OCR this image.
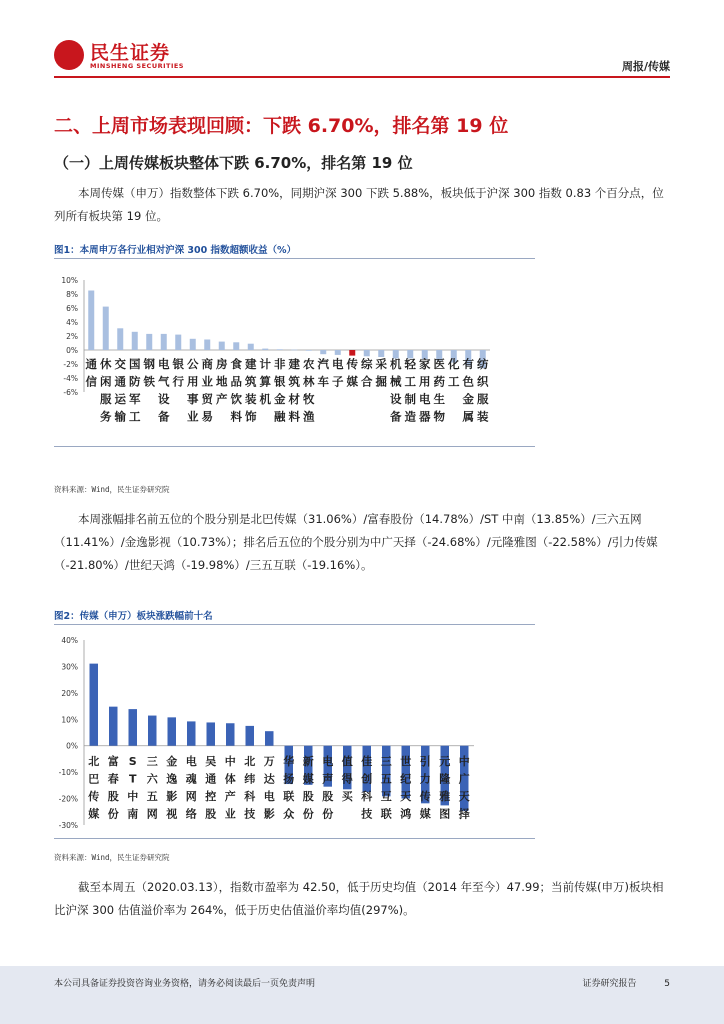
民生证券
MINSHENG SECURITIES	周报/传媒
二、上周市场表现回顾：下跌 6.70%，排名第 19 位
（一）上周传媒板块整体下跌 6.70%，排名第 19 位

本周传媒（申万）指数整体下跌 6.70%，同期沪深 300 下跌 5.88%，板块低于沪深 300 指数 0.83 个百分点，位列所有板块第 19 位。

图1：本周申万各行业相对沪深 300 指数超额收益（%）
10%
8%
6%
4%
2%
0%
-2%
-4%
-6%
通
信
休
闲
服
务
交
通
运
输
国
防
军
工
钢
铁
电
气
设
备
银
行
公
用
事
业
商
业
贸
易
房
地
产
食
品
饮
料
建
筑
装
饰
计
算
机
非
银
金
融
建
筑
材
料
农
林
牧
渔
汽
车
电
子
传
媒
综
合
采
掘
机
械
设
备
轻
工
制
造
家
用
电
器
医
药
生
物
化
工
有
色
金
属
纺
织
服
装
资料来源：Wind，民生证券研究院

本周涨幅排名前五位的个股分别是北巴传媒（31.06%）/富春股份（14.78%）/ST 中南（13.85%）/三六五网（11.41%）/金逸影视（10.73%）；排名后五位的个股分别为中广天择（-24.68%）/元隆雅图（-22.58%）/引力传媒（-21.80%）/世纪天鸿（-19.98%）/三五互联（-19.16%）。

图2：传媒（申万）板块涨跌幅前十名
40%
30%
20%
10%
0%
-10%
-20%
-30%
北
巴
传
媒
富
春
股
份
S
T
中
南
三
六
五
网
金
逸
影
视
电
魂
网
络
吴
通
控
股
中
体
产
业
北
纬
科
技
万
达
电
影
华
扬
联
众
新
媒
股
份
电
声
股
份
值
得
买
佳
创
科
技
三
五
互
联
世
纪
天
鸿
引
力
传
媒
元
隆
雅
图
中
广
天
择
资料来源：Wind，民生证券研究院

截至本周五（2020.03.13），指数市盈率为 42.50，低于历史均值（2014 年至今）47.99；当前传媒(申万)板块相比沪深 300 估值溢价率为 264%，低于历史估值溢价率均值(297%)。

本公司具备证券投资咨询业务资格，请务必阅读最后一页免责声明	证券研究报告	5
